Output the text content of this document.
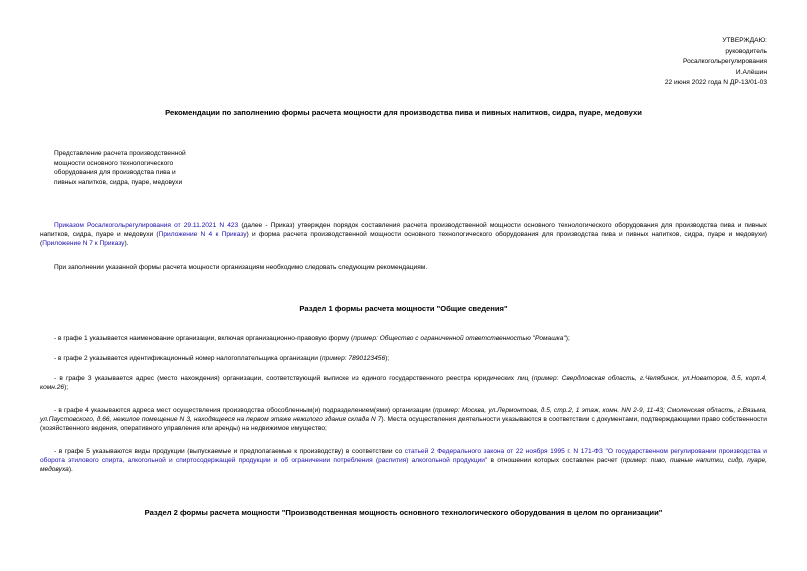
УТВЕРЖДАЮ:
руководитель
Росалкогольрегулирования
И.Алёшин
22 июня 2022 года N ДР-13/01-03
Рекомендации по заполнению формы расчета мощности для производства пива и пивных напитков, сидра, пуаре, медовухи
Представление расчета производственной
мощности основного технологического
оборудования для производства пива и
пивных напитков, сидра, пуаре, медовухи
Приказом Росалкогольрегулирования от 29.11.2021 N 423 (далее - Приказ) утвержден порядок составления расчета производственной мощности основного технологического оборудования для производства пива и пивных напитков, сидра, пуаре и медовухи (Приложение N 4 к Приказу) и форма расчета производственной мощности основного технологического оборудования для производства пива и пивных напитков, сидра, пуаре и медовухи) (Приложение N 7 к Приказу).
При заполнении указанной формы расчета мощности организациям необходимо следовать следующим рекомендациям.
Раздел 1 формы расчета мощности "Общие сведения"
- в графе 1 указывается наименование организации, включая организационно-правовую форму (пример: Общество с ограниченной ответственностью "Ромашка");
- в графе 2 указывается идентификационный номер налогоплательщика организации (пример: 7890123456);
- в графе 3 указывается адрес (место нахождения) организации, соответствующий выписке из единого государственного реестра юридических лиц (пример: Свердловская область, г.Челябинск, ул.Новаторов, д.5, корп.4, комн.26);
- в графе 4 указываются адреса мест осуществления производства обособленным(и) подразделением(ями) организации (пример: Москва, ул.Лермонтова, д.5, стр.2, 1 этаж, комн. NN 2-9, 11-43; Смоленская область, г.Вязьма, ул.Паустовского, д.66, нежилое помещение N 3, находящееся на первом этаже нежилого здания склада N 7). Места осуществления деятельности указываются в соответствии с документами, подтверждающими право собственности (хозяйственного ведения, оперативного управления или аренды) на недвижимое имущество;
- в графе 5 указываются виды продукции (выпускаемые и предполагаемые к производству) в соответствии со статьей 2 Федерального закона от 22 ноября 1995 г. N 171-ФЗ "О государственном регулировании производства и оборота этилового спирта, алкогольной и спиртосодержащей продукции и об ограничении потребления (распития) алкогольной продукции" в отношении которых составлен расчет (пример: пиво, пивные напитки, сидр, пуаре, медовуха).
Раздел 2 формы расчета мощности "Производственная мощность основного технологического оборудования в целом по организации"
